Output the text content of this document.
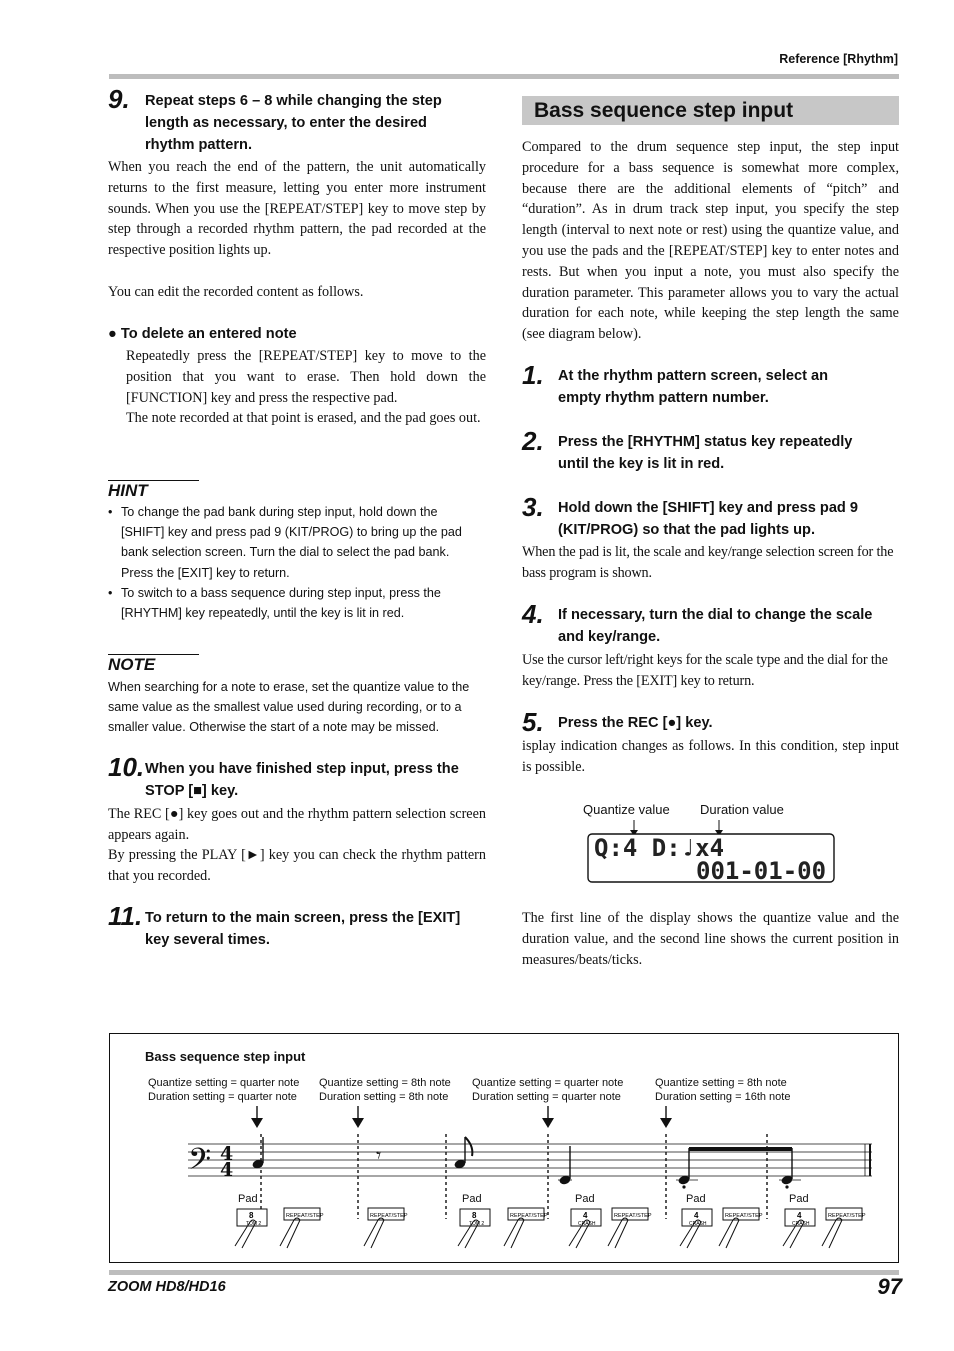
Reference [Rhythm]
9. Repeat steps 6 – 8 while changing the step
length as necessary, to enter the desired
rhythm pattern.

When you reach the end of the pattern, the unit automatically returns to the first measure, letting you enter more instrument sounds. When you use the [REPEAT/STEP] key to move step by step through a recorded rhythm pattern, the pad recorded at the respective position lights up.

You can edit the recorded content as follows.

● To delete an entered note

Repeatedly press the [REPEAT/STEP] key to move to the position that you want to erase. Then hold down the [FUNCTION] key and press the respective pad.

The note recorded at that point is erased, and the pad goes out.

HINT
• To change the pad bank during step input, hold down the [SHIFT] key and press pad 9 (KIT/PROG) to bring up the pad bank selection screen. Turn the dial to select the pad bank. Press the [EXIT] key to return.
• To switch to a bass sequence during step input, press the [RHYTHM] key repeatedly, until the key is lit in red.
NOTE

When searching for a note to erase, set the quantize value to the same value as the smallest value used during recording, or to a smaller value. Otherwise the start of a note may be missed.

10. When you have finished step input, press the
STOP [■] key.

The REC [●] key goes out and the rhythm pattern selection screen appears again.

By pressing the PLAY [►] key you can check the rhythm pattern that you recorded.

11. To return to the main screen, press the [EXIT]
key several times.
Bass sequence step input

Compared to the drum sequence step input, the step input procedure for a bass sequence is somewhat more complex, because there are the additional elements of “pitch” and “duration”. As in drum track step input, you specify the step length (interval to next note or rest) using the quantize value, and you use the pads and the [REPEAT/STEP] key to enter notes and rests. But when you input a note, you must also specify the duration parameter. This parameter allows you to vary the actual duration for each note, while keeping the step length the same (see diagram below).

1. At the rhythm pattern screen, select an
empty rhythm pattern number.
2. Press the [RHYTHM] status key repeatedly
until the key is lit in red.
3. Hold down the [SHIFT] key and press pad 9
(KIT/PROG) so that the pad lights up.

When the pad is lit, the scale and key/range selection screen for the bass program is shown.

4. If necessary, turn the dial to change the scale
and key/range.

Use the cursor left/right keys for the scale type and the dial for the key/range. Press the [EXIT] key to return.

5. Press the REC [●] key.

isplay indication changes as follows. In this condition, step input is possible.

Quantize value Duration value
Q:4 D:♩x4
001-01-00

The first line of the display shows the quantize value and the duration value, and the second line shows the current position in measures/beats/ticks.

Bass sequence step input
Quantize setting = quarter note
Duration setting = quarter note
Quantize setting = 8th note
Duration setting = 8th note
Quantize setting = quarter note
Duration setting = quarter note
Quantize setting = 8th note
Duration setting = 16th note
𝄢 4
4
𝄾
Pad	Pad	Pad	Pad	Pad
8
TOM 2
REPEAT/STEP	REPEAT/STEP	8
TOM 2
REPEAT/STEP	4
CRASH
REPEAT/STEP	4
CRASH
REPEAT/STEP	4
CRASH
REPEAT/STEP
ZOOM HD8/HD16	97
